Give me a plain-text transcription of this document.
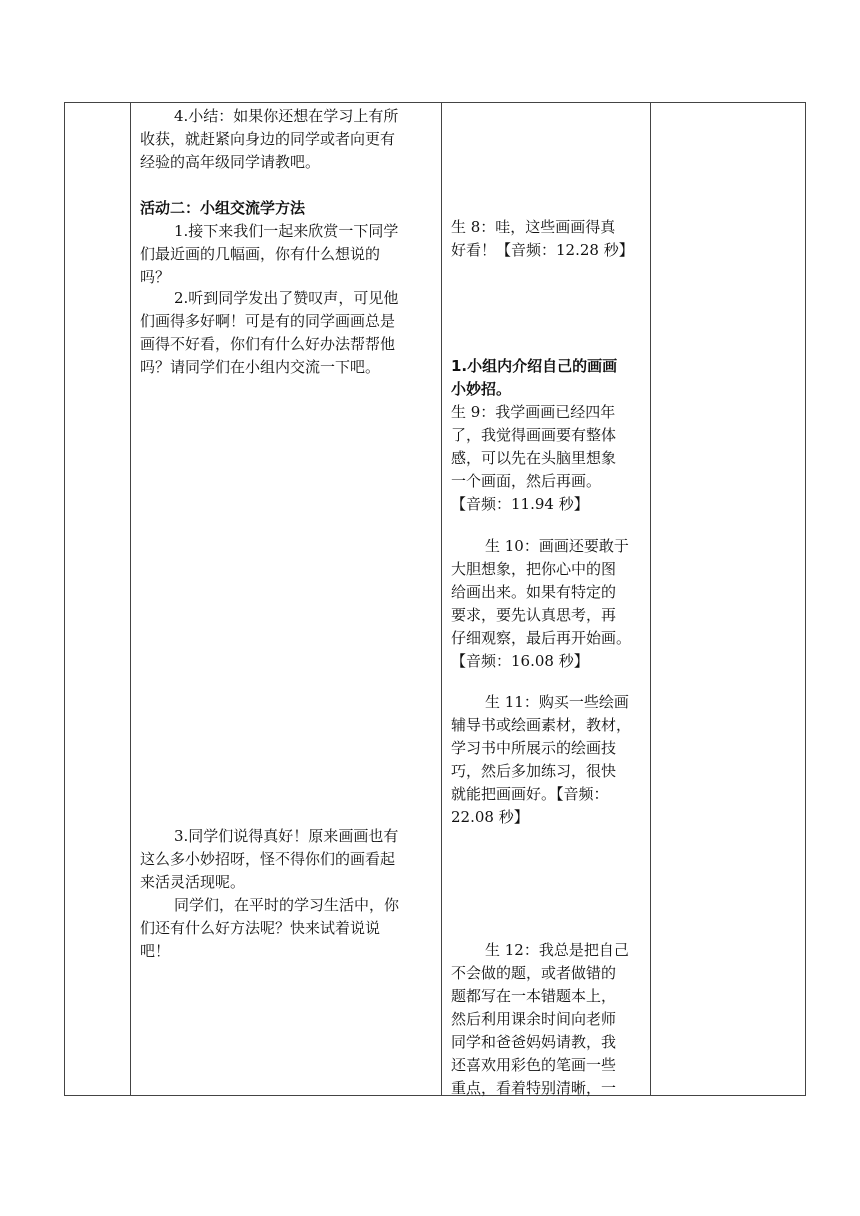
4.小结：如果你还想在学习上有所
收获，就赶紧向身边的同学或者向更有
经验的高年级同学请教吧。
活动二：小组交流学方法
1.接下来我们一起来欣赏一下同学
们最近画的几幅画，你有什么想说的
吗？
2.听到同学发出了赞叹声，可见他
们画得多好啊！可是有的同学画画总是
画得不好看，你们有什么好办法帮帮他
吗？请同学们在小组内交流一下吧。
3.同学们说得真好！原来画画也有
这么多小妙招呀，怪不得你们的画看起
来活灵活现呢。
同学们，在平时的学习生活中，你
们还有什么好方法呢？快来试着说说
吧！
生 8：哇，这些画画得真
好看！【音频：12.28 秒】
1.小组内介绍自己的画画
小妙招。
生 9：我学画画已经四年
了，我觉得画画要有整体
感，可以先在头脑里想象
一个画面，然后再画。
【音频：11.94 秒】
生 10：画画还要敢于
大胆想象，把你心中的图
给画出来。如果有特定的
要求，要先认真思考，再
仔细观察，最后再开始画。
【音频：16.08 秒】
生 11：购买一些绘画
辅导书或绘画素材，教材，
学习书中所展示的绘画技
巧，然后多加练习，很快
就能把画画好。【音频：
22.08 秒】
生 12：我总是把自己
不会做的题，或者做错的
题都写在一本错题本上，
然后利用课余时间向老师
同学和爸爸妈妈请教，我
还喜欢用彩色的笔画一些
重点，看着特别清晰，一
